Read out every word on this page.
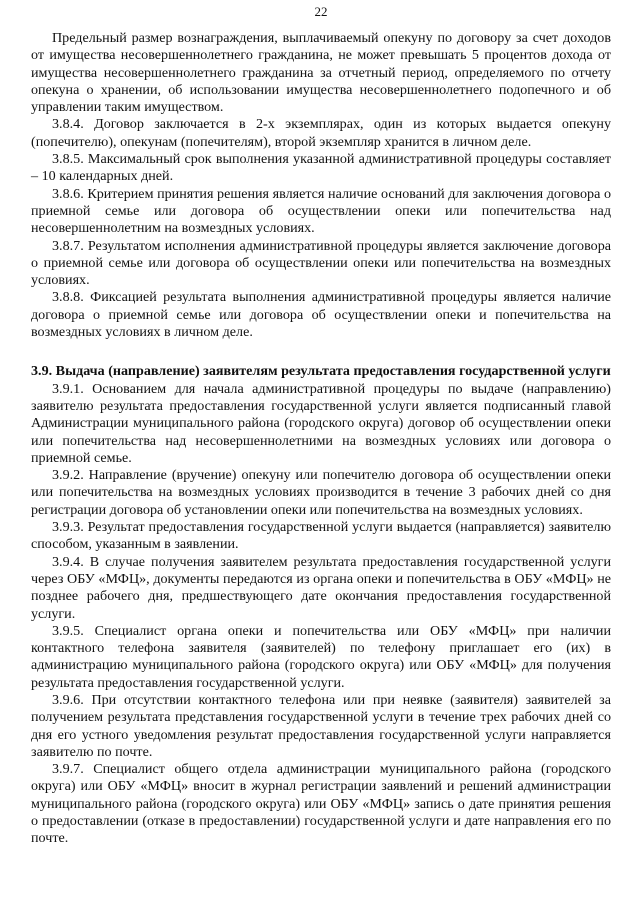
22

Предельный размер вознаграждения, выплачиваемый опекуну по договору за счет доходов от имущества несовершеннолетнего гражданина, не может превышать 5 процентов дохода от имущества несовершеннолетнего гражданина за отчетный период, определяемого по отчету опекуна о хранении, об использовании имущества несовершеннолетнего подопечного и об управлении таким имуществом.

3.8.4. Договор заключается в 2-х экземплярах, один из которых выдается опекуну (попечителю), опекунам (попечителям), второй экземпляр хранится в личном деле.

3.8.5. Максимальный срок выполнения указанной административной процедуры составляет – 10 календарных дней.

3.8.6. Критерием принятия решения является наличие оснований для заключения договора о приемной семье или договора об осуществлении опеки или попечительства над несовершеннолетним на возмездных условиях.

3.8.7. Результатом исполнения административной процедуры является заключение договора о приемной семье или договора об осуществлении опеки или попечительства на возмездных условиях.

3.8.8. Фиксацией результата выполнения административной процедуры является наличие договора о приемной семье или договора об осуществлении опеки и попечительства на возмездных условиях в личном деле.

3.9. Выдача (направление) заявителям результата предоставления государственной услуги

3.9.1. Основанием для начала административной процедуры по выдаче (направлению) заявителю результата предоставления государственной услуги является подписанный главой Администрации муниципального района (городского округа) договор об осуществлении опеки или попечительства над несовершеннолетними на возмездных условиях или договора о приемной семье.

3.9.2. Направление (вручение) опекуну или попечителю договора об осуществлении опеки или попечительства на возмездных условиях производится в течение 3 рабочих дней со дня регистрации договора об установлении опеки или попечительства на возмездных условиях.

3.9.3. Результат предоставления государственной услуги выдается (направляется) заявителю способом, указанным в заявлении.

3.9.4. В случае получения заявителем результата предоставления государственной услуги через ОБУ «МФЦ», документы передаются из органа опеки и попечительства в ОБУ «МФЦ» не позднее рабочего дня, предшествующего дате окончания предоставления государственной услуги.

3.9.5. Специалист органа опеки и попечительства или ОБУ «МФЦ» при наличии контактного телефона заявителя (заявителей) по телефону приглашает его (их) в администрацию муниципального района (городского округа) или ОБУ «МФЦ» для получения результата предоставления государственной услуги.

3.9.6. При отсутствии контактного телефона или при неявке (заявителя) заявителей за получением результата представления государственной услуги в течение трех рабочих дней со дня его устного уведомления результат предоставления государственной услуги направляется заявителю по почте.

3.9.7. Специалист общего отдела администрации муниципального района (городского округа) или ОБУ «МФЦ» вносит в журнал регистрации заявлений и решений администрации муниципального района (городского округа) или ОБУ «МФЦ» запись о дате принятия решения о предоставлении (отказе в предоставлении) государственной услуги и дате направления его по почте.
